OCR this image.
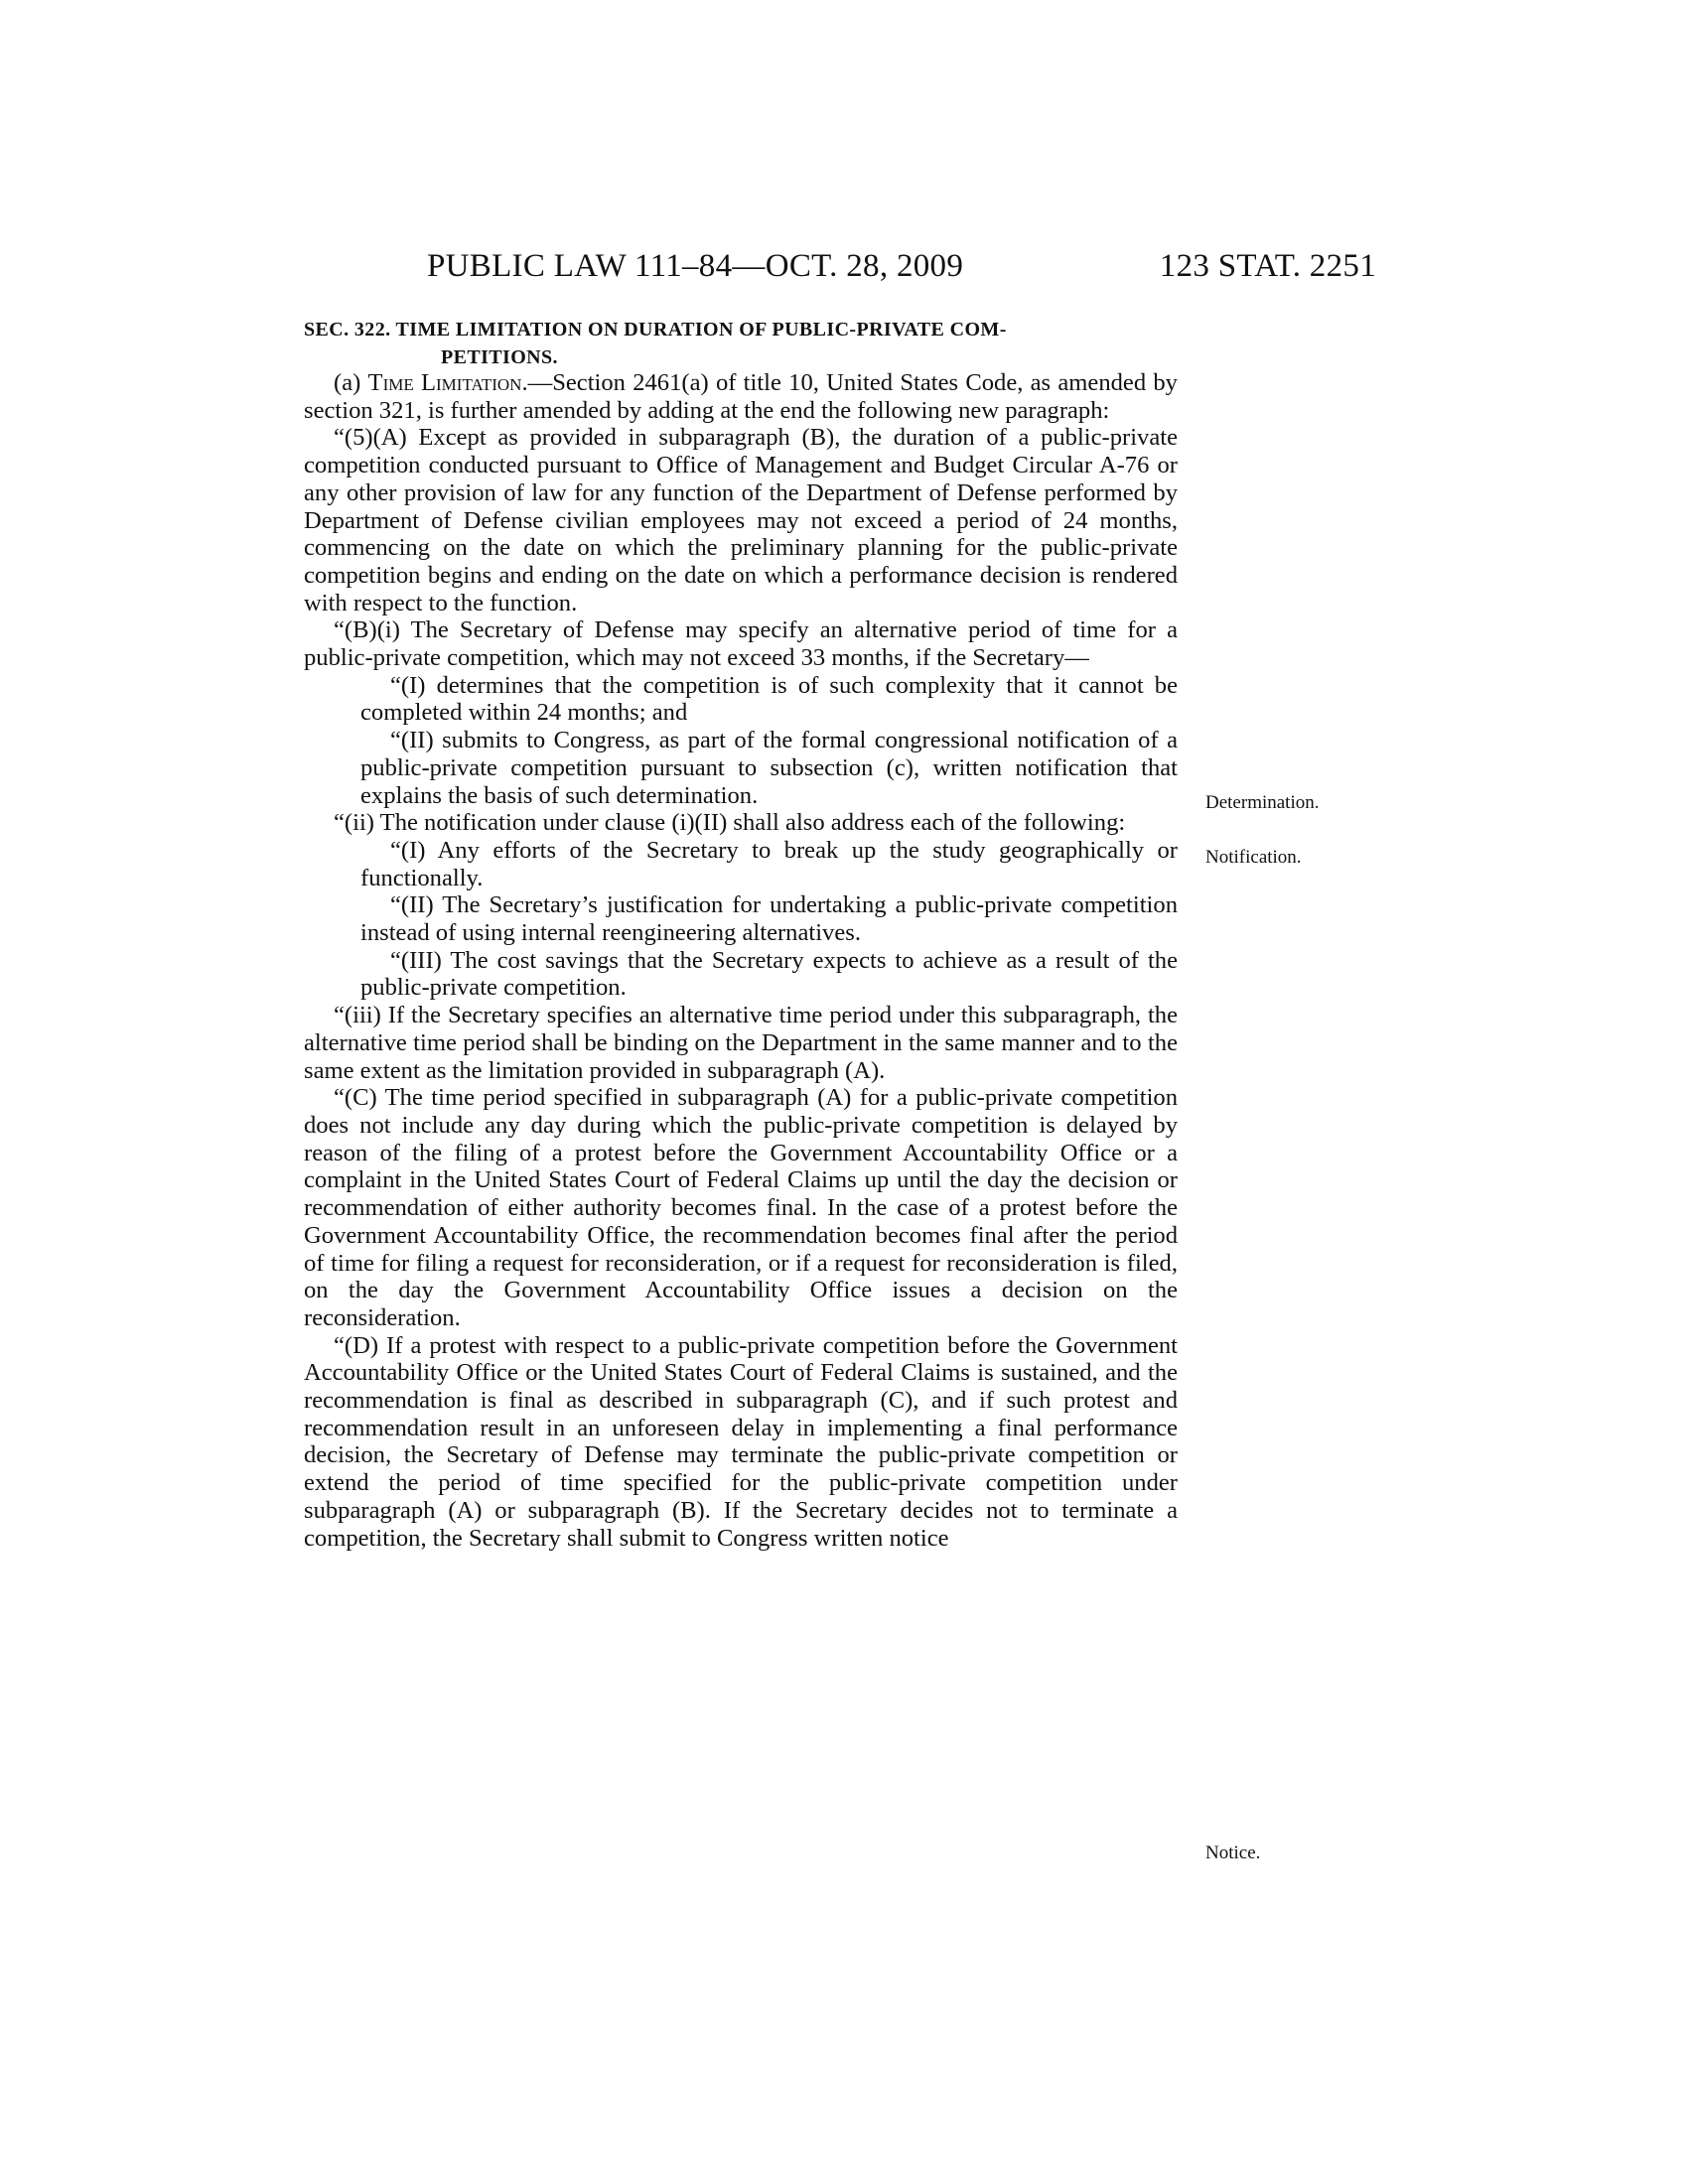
PUBLIC LAW 111–84—OCT. 28, 2009	123 STAT. 2251
SEC. 322. TIME LIMITATION ON DURATION OF PUBLIC-PRIVATE COM-
PETITIONS.

(a) Time Limitation.—Section 2461(a) of title 10, United States Code, as amended by section 321, is further amended by adding at the end the following new paragraph:

“(5)(A) Except as provided in subparagraph (B), the duration of a public-private competition conducted pursuant to Office of Management and Budget Circular A-76 or any other provision of law for any function of the Department of Defense performed by Department of Defense civilian employees may not exceed a period of 24 months, commencing on the date on which the preliminary planning for the public-private competition begins and ending on the date on which a performance decision is rendered with respect to the function.

“(B)(i) The Secretary of Defense may specify an alternative period of time for a public-private competition, which may not exceed 33 months, if the Secretary—

“(I) determines that the competition is of such complexity that it cannot be completed within 24 months; and

“(II) submits to Congress, as part of the formal congressional notification of a public-private competition pursuant to subsection (c), written notification that explains the basis of such determination.

“(ii) The notification under clause (i)(II) shall also address each of the following:

“(I) Any efforts of the Secretary to break up the study geographically or functionally.

“(II) The Secretary’s justification for undertaking a public-private competition instead of using internal reengineering alternatives.

“(III) The cost savings that the Secretary expects to achieve as a result of the public-private competition.

“(iii) If the Secretary specifies an alternative time period under this subparagraph, the alternative time period shall be binding on the Department in the same manner and to the same extent as the limitation provided in subparagraph (A).

“(C) The time period specified in subparagraph (A) for a public-private competition does not include any day during which the public-private competition is delayed by reason of the filing of a protest before the Government Accountability Office or a complaint in the United States Court of Federal Claims up until the day the decision or recommendation of either authority becomes final. In the case of a protest before the Government Accountability Office, the recommendation becomes final after the period of time for filing a request for reconsideration, or if a request for reconsideration is filed, on the day the Government Accountability Office issues a decision on the reconsideration.

“(D) If a protest with respect to a public-private competition before the Government Accountability Office or the United States Court of Federal Claims is sustained, and the recommendation is final as described in subparagraph (C), and if such protest and recommendation result in an unforeseen delay in implementing a final performance decision, the Secretary of Defense may terminate the public-private competition or extend the period of time specified for the public-private competition under subparagraph (A) or subparagraph (B). If the Secretary decides not to terminate a competition, the Secretary shall submit to Congress written notice

Determination.
Notification.
Notice.
